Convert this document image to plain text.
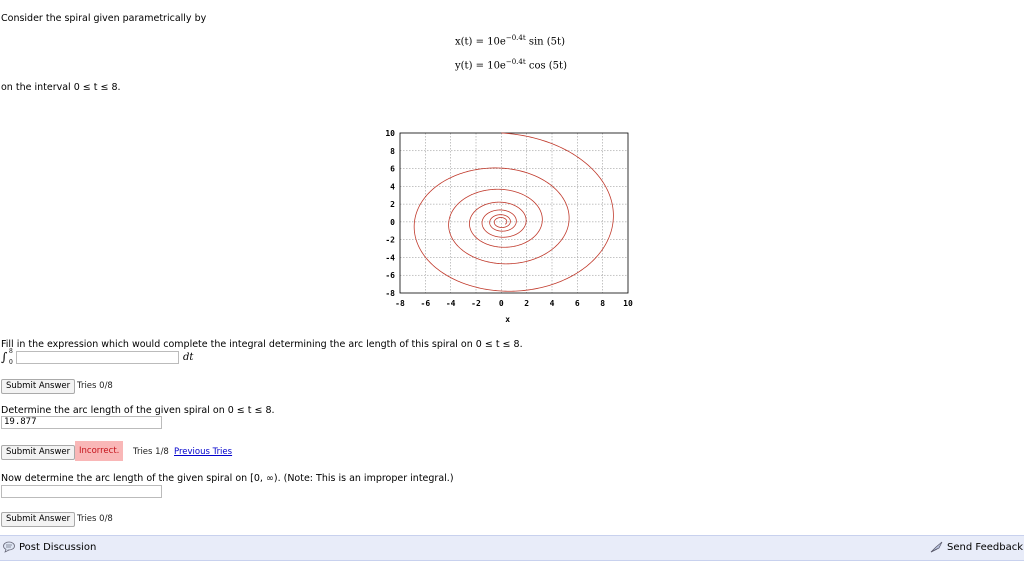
Consider the spiral given parametrically by
$x(t) = 10e^{-0.4t}$ sin (5t)
$y(t) = 10e^{-0.4t}$ cos (5t)
on the interval 0 ≤ t ≤ 8.
10
8
6
4
2
0
-2
-4
-6
-8
-8 -6 -4 -2 0	2	4	6	8 10
x
Fill in the expression which would complete the integral determining the arc length of this spiral on 0 ≤ t ≤ 8.
∫ 8
0	dt
Submit Answer Tries 0/8
Determine the arc length of the given spiral on 0 ≤ t ≤ 8.
19.877
Submit Answer	Incorrect.	Tries 1/8 Previous Tries
Now determine the arc length of the given spiral on [0, ∞). (Note: This is an improper integral.)
Submit Answer Tries 0/8
Post Discussion	Send Feedback
